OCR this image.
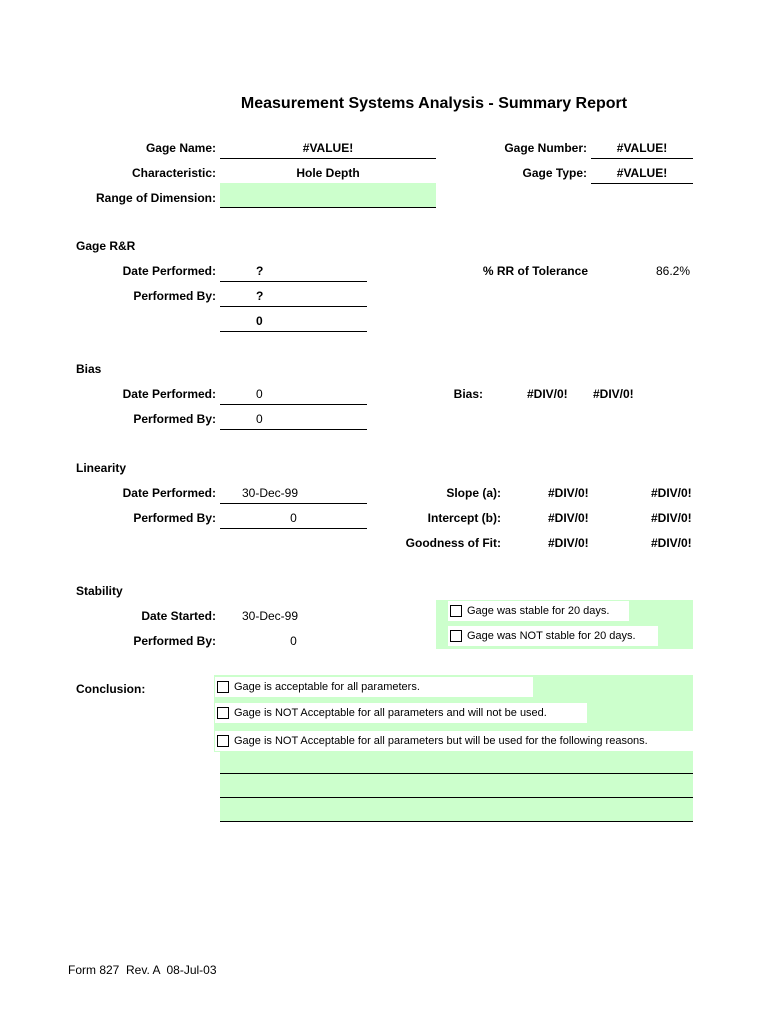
Measurement Systems Analysis - Summary Report
Gage Name:	#VALUE!
Characteristic:	Hole Depth
Range of Dimension:
Gage Number:	#VALUE!
Gage Type:	#VALUE!
Gage R&R
Date Performed:	?
Performed By:	?
0
% RR of Tolerance	86.2%
Bias
Date Performed:	0
Performed By:	0
Bias:	#DIV/0! #DIV/0!
Linearity
Date Performed:	30-Dec-99
Performed By:	0
Slope (a):	#DIV/0!	#DIV/0!
Intercept (b):	#DIV/0!	#DIV/0!
Goodness of Fit:	#DIV/0!	#DIV/0!
Stability
Date Started: 30-Dec-99
Performed By:	0
Gage was stable for 20 days.
Gage was NOT stable for 20 days.
Conclusion:	Gage is acceptable for all parameters.
Gage is NOT Acceptable for all parameters and will not be used.
Gage is NOT Acceptable for all parameters but will be used for the following reasons.
Form 827  Rev. A  08-Jul-03
